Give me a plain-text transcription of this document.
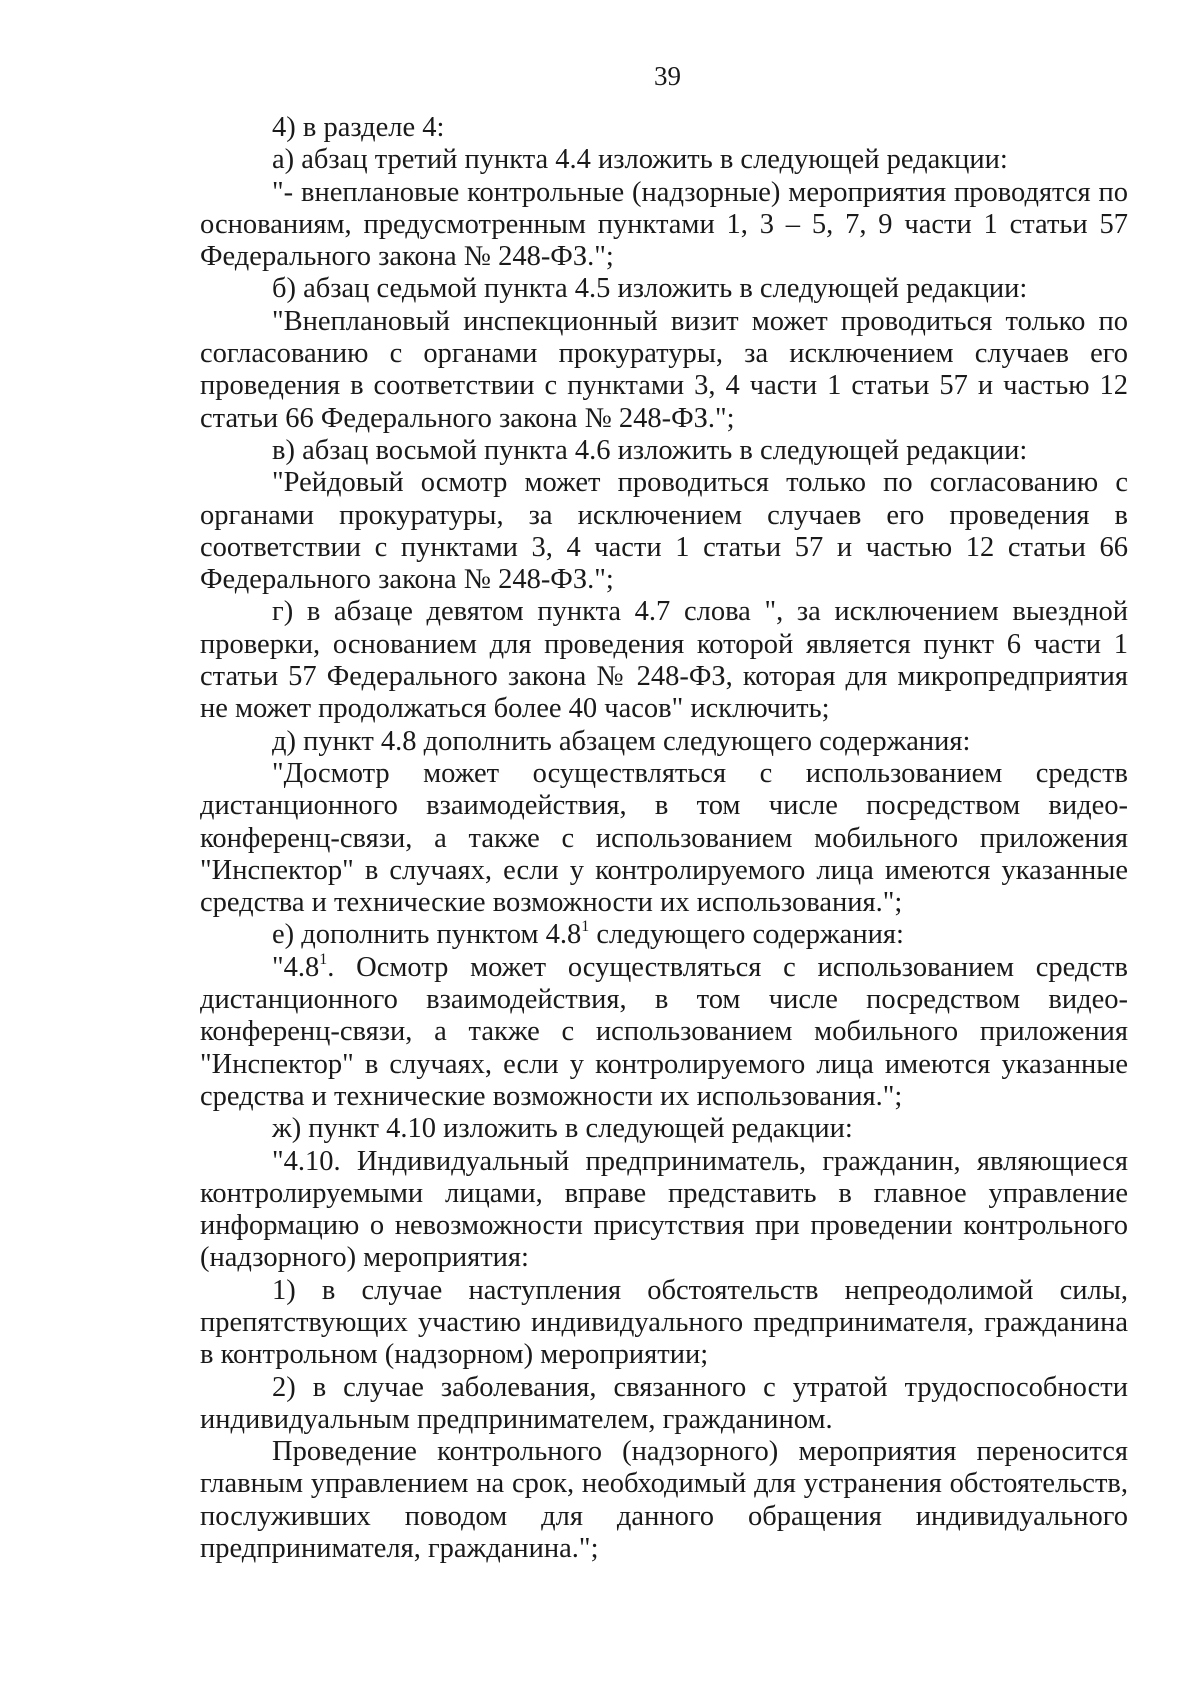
39

4) в разделе 4:

а) абзац третий пункта 4.4 изложить в следующей редакции:

"- внеплановые контрольные (надзорные) мероприятия проводятся по основаниям, предусмотренным пунктами 1, 3 – 5, 7, 9 части 1 статьи 57 Федерального закона № 248-ФЗ.";

б) абзац седьмой пункта 4.5 изложить в следующей редакции:

"Внеплановый инспекционный визит может проводиться только по согласованию с органами прокуратуры, за исключением случаев его проведения в соответствии с пунктами 3, 4 части 1 статьи 57 и частью 12 статьи 66 Федерального закона № 248-ФЗ.";

в) абзац восьмой пункта 4.6 изложить в следующей редакции:

"Рейдовый осмотр может проводиться только по согласованию с органами прокуратуры, за исключением случаев его проведения в соответствии с пунктами 3, 4 части 1 статьи 57 и частью 12 статьи 66 Федерального закона № 248-ФЗ.";

г) в абзаце девятом пункта 4.7 слова ", за исключением выездной проверки, основанием для проведения которой является пункт 6 части 1 статьи 57 Федерального закона № 248-ФЗ, которая для микропредприятия не может продолжаться более 40 часов" исключить;

д) пункт 4.8 дополнить абзацем следующего содержания:

"Досмотр может осуществляться с использованием средств дистанционного взаимодействия, в том числе посредством видео-конференц-связи, а также с использованием мобильного приложения "Инспектор" в случаях, если у контролируемого лица имеются указанные средства и технические возможности их использования.";

е) дополнить пунктом $4.8^1$ следующего содержания:

"$4.8^1$. Осмотр может осуществляться с использованием средств дистанционного взаимодействия, в том числе посредством видео-конференц-связи, а также с использованием мобильного приложения "Инспектор" в случаях, если у контролируемого лица имеются указанные средства и технические возможности их использования.";

ж) пункт 4.10 изложить в следующей редакции:

"4.10. Индивидуальный предприниматель, гражданин, являющиеся контролируемыми лицами, вправе представить в главное управление информацию о невозможности присутствия при проведении контрольного (надзорного) мероприятия:

1) в случае наступления обстоятельств непреодолимой силы, препятствующих участию индивидуального предпринимателя, гражданина в контрольном (надзорном) мероприятии;

2) в случае заболевания, связанного с утратой трудоспособности индивидуальным предпринимателем, гражданином.

Проведение контрольного (надзорного) мероприятия переносится главным управлением на срок, необходимый для устранения обстоятельств, послуживших поводом для данного обращения индивидуального предпринимателя, гражданина.";
